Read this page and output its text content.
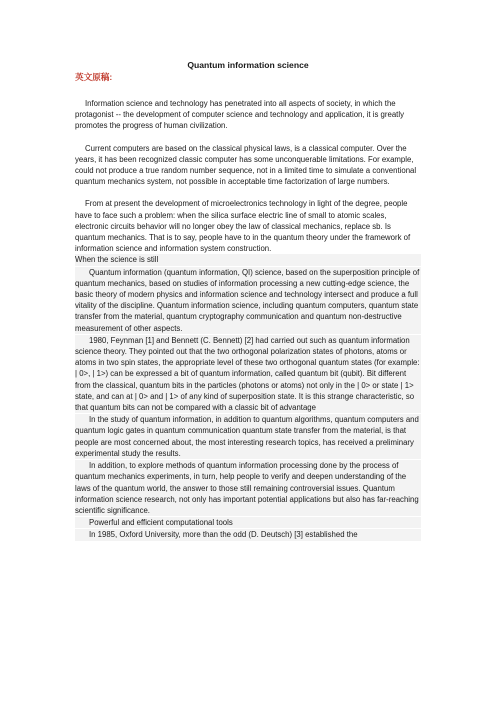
Quantum information science
英文原稿:

Information science and technology has penetrated into all aspects of society, in which the protagonist -- the development of computer science and technology and application, it is greatly promotes the progress of human civilization.

Current computers are based on the classical physical laws, is a classical computer. Over the years, it has been recognized classic computer has some unconquerable limitations. For example, could not produce a true random number sequence, not in a limited time to simulate a conventional quantum mechanics system, not possible in acceptable time factorization of large numbers.

From at present the development of microelectronics technology in light of the degree, people have to face such a problem: when the silica surface electric line of small to atomic scales, electronic circuits behavior will no longer obey the law of classical mechanics, replace sb. Is quantum mechanics. That is to say, people have to in the quantum theory under the framework of information science and information system construction.

When the science is still

Quantum information (quantum information, QI) science, based on the superposition principle of quantum mechanics, based on studies of information processing a new cutting-edge science, the basic theory of modern physics and information science and technology intersect and produce a full vitality of the discipline. Quantum information science, including quantum computers, quantum state transfer from the material, quantum cryptography communication and quantum non-destructive measurement of other aspects.

1980, Feynman [1] and Bennett (C. Bennett) [2] had carried out such as quantum information science theory. They pointed out that the two orthogonal polarization states of photons, atoms or atoms in two spin states, the appropriate level of these two orthogonal quantum states (for example: | 0>, | 1>) can be expressed a bit of quantum information, called quantum bit (qubit). Bit different from the classical, quantum bits in the particles (photons or atoms) not only in the | 0> or state | 1> state, and can at | 0> and | 1> of any kind of superposition state. It is this strange characteristic, so that quantum bits can not be compared with a classic bit of advantage

In the study of quantum information, in addition to quantum algorithms, quantum computers and quantum logic gates in quantum communication quantum state transfer from the material, is that people are most concerned about, the most interesting research topics, has received a preliminary experimental study the results.

In addition, to explore methods of quantum information processing done by the process of quantum mechanics experiments, in turn, help people to verify and deepen understanding of the laws of the quantum world, the answer to those still remaining controversial issues. Quantum information science research, not only has important potential applications but also has far-reaching scientific significance.

Powerful and efficient computational tools

In 1985, Oxford University, more than the odd (D. Deutsch) [3] established the
